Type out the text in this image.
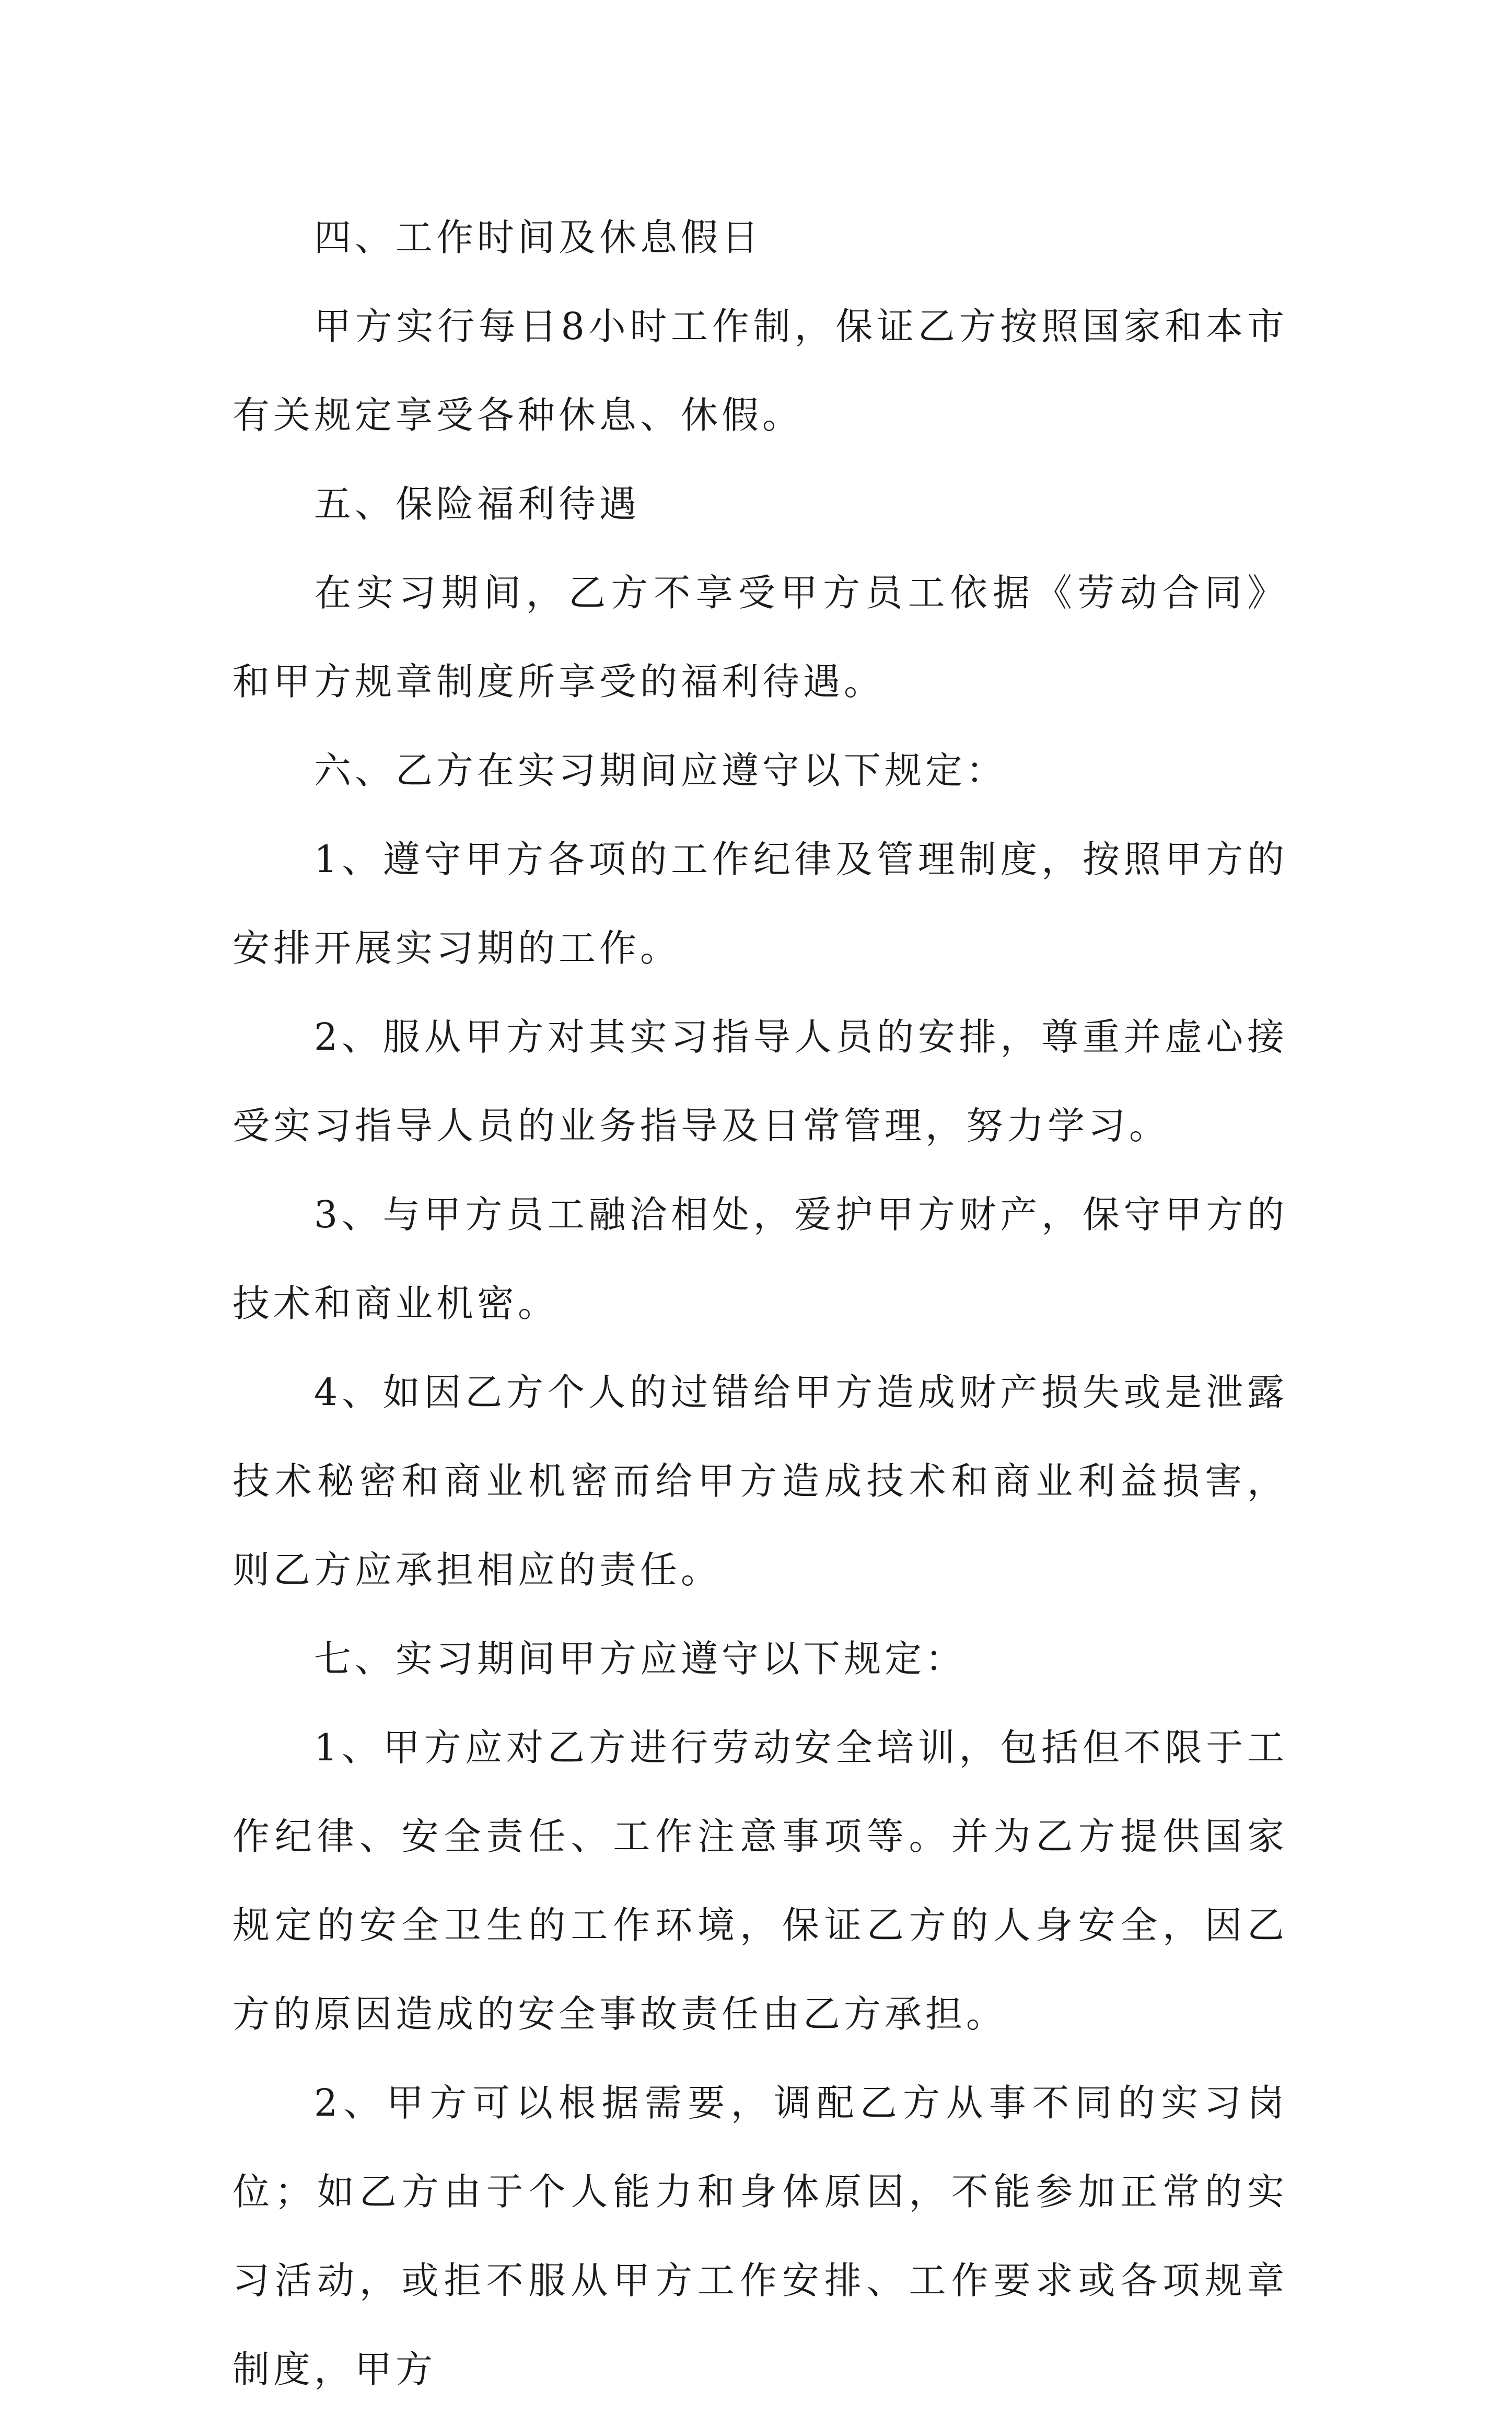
四、工作时间及休息假日

甲方实行每日8小时工作制，保证乙方按照国家和本市有关规定享受各种休息、休假。

五、保险福利待遇

在实习期间，乙方不享受甲方员工依据《劳动合同》和甲方规章制度所享受的福利待遇。

六、乙方在实习期间应遵守以下规定：

1、遵守甲方各项的工作纪律及管理制度，按照甲方的安排开展实习期的工作。

2、服从甲方对其实习指导人员的安排，尊重并虚心接受实习指导人员的业务指导及日常管理，努力学习。

3、与甲方员工融洽相处，爱护甲方财产，保守甲方的技术和商业机密。

4、如因乙方个人的过错给甲方造成财产损失或是泄露技术秘密和商业机密而给甲方造成技术和商业利益损害，则乙方应承担相应的责任。

七、实习期间甲方应遵守以下规定：

1、甲方应对乙方进行劳动安全培训，包括但不限于工作纪律、安全责任、工作注意事项等。并为乙方提供国家规定的安全卫生的工作环境，保证乙方的人身安全，因乙方的原因造成的安全事故责任由乙方承担。

2、甲方可以根据需要，调配乙方从事不同的实习岗位；如乙方由于个人能力和身体原因，不能参加正常的实习活动，或拒不服从甲方工作安排、工作要求或各项规章制度，甲方
